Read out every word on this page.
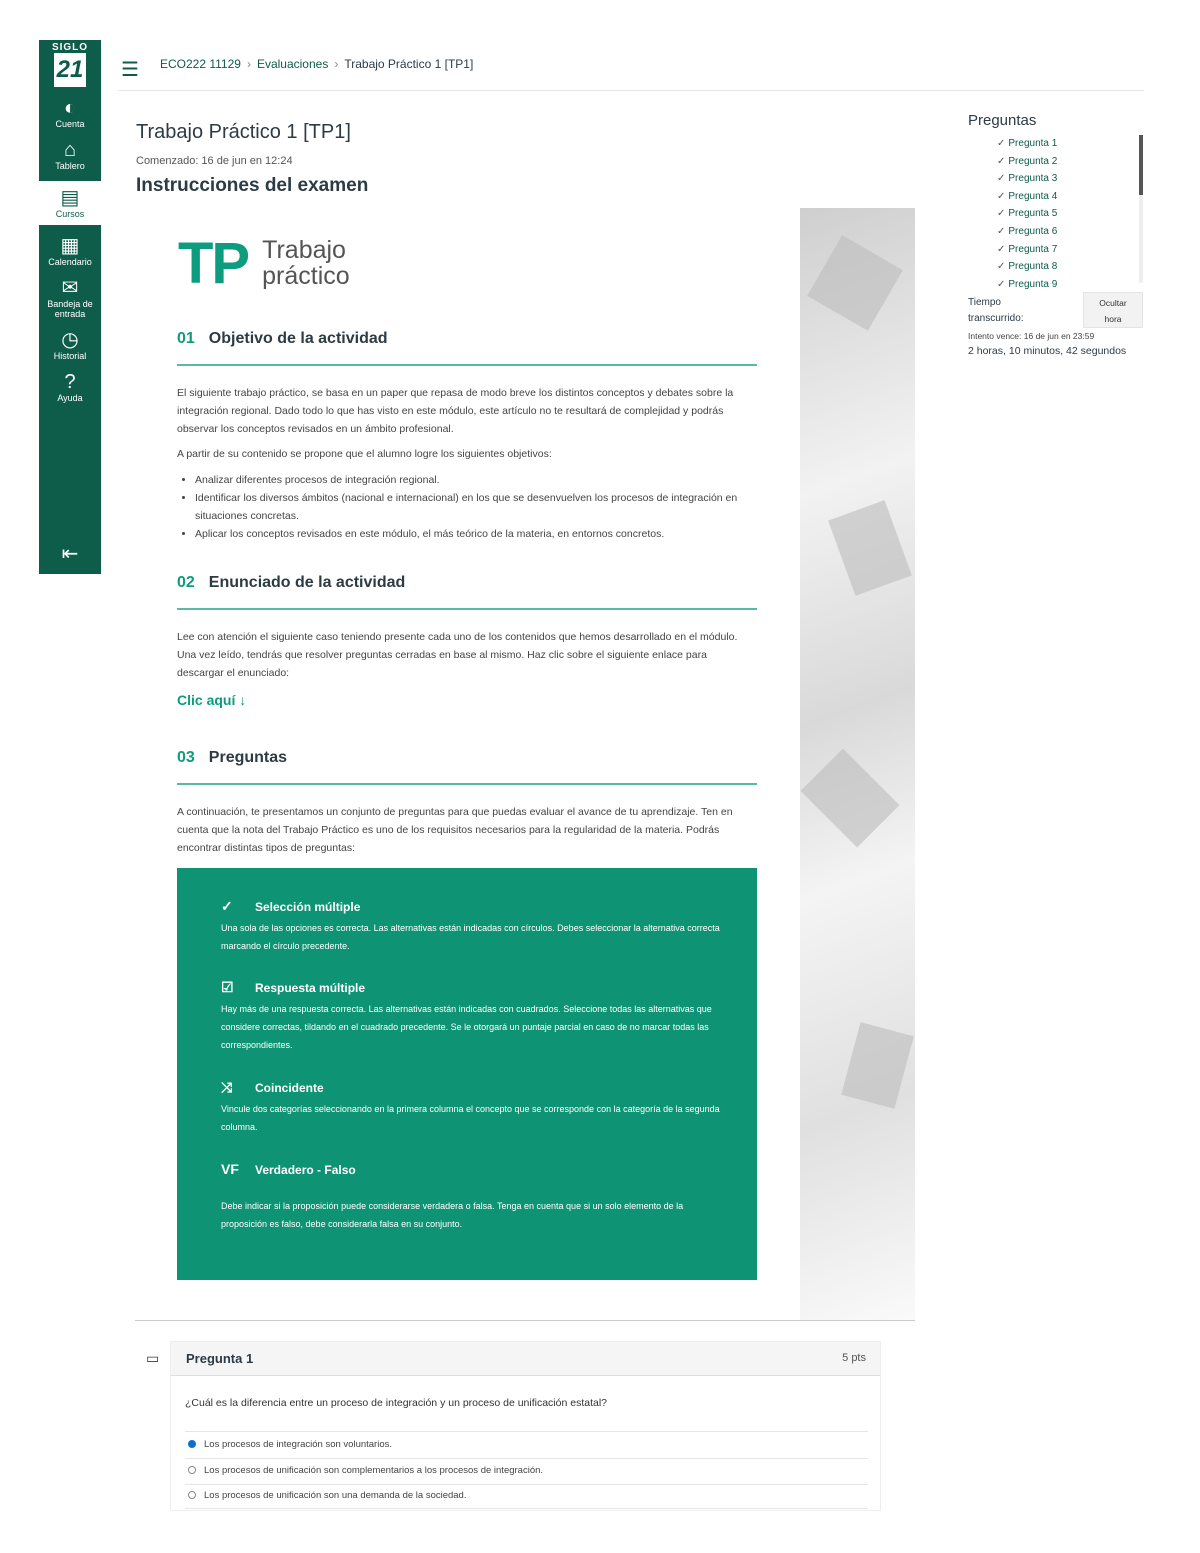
SIGLO
21
◐
Cuenta
⌂
Tablero
▤
Cursos
▦
Calendario
✉
Bandeja de entrada
◷
Historial
?
Ayuda
⇤
☰ ECO222 11129 › Evaluaciones › Trabajo Práctico 1 [TP1]
Trabajo Práctico 1 [TP1]
Comenzado: 16 de jun en 12:24
Instrucciones del examen
TP Trabajo
práctico
01 Objetivo de la actividad
El siguiente trabajo práctico, se basa en un paper que repasa de modo breve los distintos conceptos y debates sobre la integración regional. Dado todo lo que has visto en este módulo, este artículo no te resultará de complejidad y podrás observar los conceptos revisados en un ámbito profesional.
A partir de su contenido se propone que el alumno logre los siguientes objetivos:
• Analizar diferentes procesos de integración regional.
• Identificar los diversos ámbitos (nacional e internacional) en los que se desenvuelven los procesos de integración en situaciones concretas.
• Aplicar los conceptos revisados en este módulo, el más teórico de la materia, en entornos concretos.
02 Enunciado de la actividad
Lee con atención el siguiente caso teniendo presente cada uno de los contenidos que hemos desarrollado en el módulo. Una vez leído, tendrás que resolver preguntas cerradas en base al mismo. Haz clic sobre el siguiente enlace para descargar el enunciado:
Clic aquí ↓
03 Preguntas
A continuación, te presentamos un conjunto de preguntas para que puedas evaluar el avance de tu aprendizaje. Ten en cuenta que la nota del Trabajo Práctico es uno de los requisitos necesarios para la regularidad de la materia. Podrás encontrar distintas tipos de preguntas:
✓ Selección múltiple
Una sola de las opciones es correcta. Las alternativas están indicadas con círculos. Debes seleccionar la alternativa correcta marcando el círculo precedente.
☑ Respuesta múltiple
Hay más de una respuesta correcta. Las alternativas están indicadas con cuadrados. Seleccione todas las alternativas que considere correctas, tildando en el cuadrado precedente. Se le otorgará un puntaje parcial en caso de no marcar todas las correspondientes.
⤨ Coincidente
Vincule dos categorías seleccionando en la primera columna el concepto que se corresponde con la categoría de la segunda columna.
VF Verdadero - Falso
Debe indicar si la proposición puede considerarse verdadera o falsa. Tenga en cuenta que si un solo elemento de la proposición es falso, debe considerarla falsa en su conjunto.
▭ Pregunta 1	5 pts
¿Cuál es la diferencia entre un proceso de integración y un proceso de unificación estatal?
Los procesos de integración son voluntarios.
Los procesos de unificación son complementarios a los procesos de integración.
Los procesos de unificación son una demanda de la sociedad.
Preguntas
✓ Pregunta 1
✓ Pregunta 2
✓ Pregunta 3
✓ Pregunta 4
✓ Pregunta 5
✓ Pregunta 6
✓ Pregunta 7
✓ Pregunta 8
✓ Pregunta 9
Tiempo
transcurrido:
Ocultar
hora
Intento vence: 16 de jun en 23:59
2 horas, 10 minutos, 42 segundos
